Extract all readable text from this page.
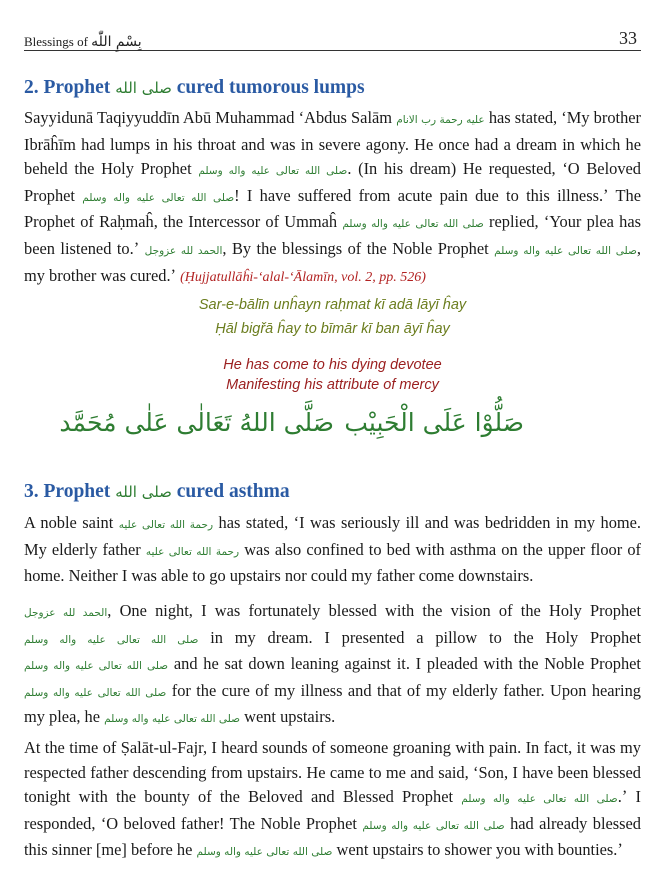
Blessings of بِسْمِ اللّٰه	33
2. Prophet صلى الله cured tumorous lumps

Sayyidunā Taqiyyuddīn Abū Muhammad ʻAbdus Salām عليه رحمة رب الانام has stated, ʻMy brother Ibrāĥīm had lumps in his throat and was in severe agony. He once had a dream in which he beheld the Holy Prophet صلى الله تعالى عليه واله وسلم. (In his dream) He requested, ʻO Beloved Prophet صلى الله تعالى عليه واله وسلم! I have suffered from acute pain due to this illness.ʼ The Prophet of Raḥmaĥ, the Intercessor of Ummaĥ صلى الله تعالى عليه واله وسلم replied, ʻYour plea has been listened to.ʼ الحمد لله عزوجل, By the blessings of the Noble Prophet صلى الله تعالى عليه واله وسلم, my brother was cured.ʼ (Ḥujjatullāĥi-ʻalal-ʻĀlamīn, vol. 2, pp. 526)

Sar-e-bālīn unĥayn raḥmat kī adā lāyī ĥay

Ḥāl bigřā ĥay to bīmār kī ban āyī ĥay

He has come to his dying devotee

Manifesting his attribute of mercy

صَلُّوْا عَلَى الْحَبِيْب
صَلَّى اللهُ تَعَالٰى عَلٰى مُحَمَّد
3. Prophet صلى الله cured asthma

A noble saint رحمة الله تعالى عليه has stated, ʻI was seriously ill and was bedridden in my home. My elderly father رحمة الله تعالى عليه was also confined to bed with asthma on the upper floor of home. Neither I was able to go upstairs nor could my father come downstairs.

الحمد لله عزوجل, One night, I was fortunately blessed with the vision of the Holy Prophet صلى الله تعالى عليه واله وسلم in my dream. I presented a pillow to the Holy Prophet صلى الله تعالى عليه واله وسلم and he sat down leaning against it. I pleaded with the Noble Prophet صلى الله تعالى عليه واله وسلم for the cure of my illness and that of my elderly father. Upon hearing my plea, he صلى الله تعالى عليه واله وسلم went upstairs.

At the time of Ṣalāt-ul-Fajr, I heard sounds of someone groaning with pain. In fact, it was my respected father descending from upstairs. He came to me and said, ʻSon, I have been blessed tonight with the bounty of the Beloved and Blessed Prophet صلى الله تعالى عليه واله وسلم.ʼ I responded, ʻO beloved father! The Noble Prophet صلى الله تعالى عليه واله وسلم had already blessed this sinner [me] before he صلى الله تعالى عليه واله وسلم went upstairs to shower you with bounties.ʼ
